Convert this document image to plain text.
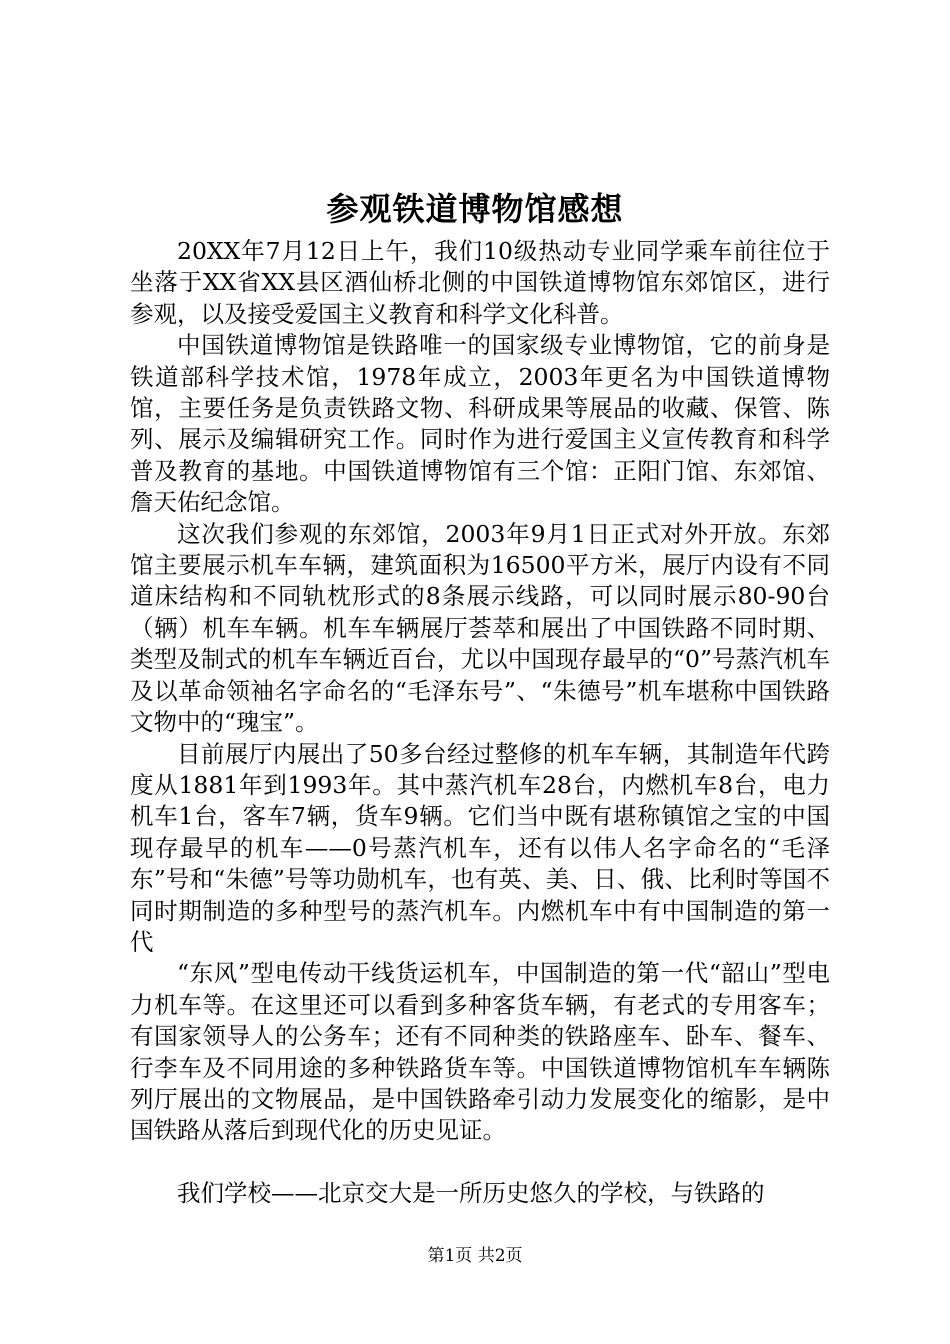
参观铁道博物馆感想

20XX年7月12日上午，我们10级热动专业同学乘车前往位于坐落于XX省XX县区酒仙桥北侧的中国铁道博物馆东郊馆区，进行参观，以及接受爱国主义教育和科学文化科普。

中国铁道博物馆是铁路唯一的国家级专业博物馆，它的前身是铁道部科学技术馆，1978年成立，2003年更名为中国铁道博物馆，主要任务是负责铁路文物、科研成果等展品的收藏、保管、陈列、展示及编辑研究工作。同时作为进行爱国主义宣传教育和科学普及教育的基地。中国铁道博物馆有三个馆：正阳门馆、东郊馆、詹天佑纪念馆。

这次我们参观的东郊馆，2003年9月1日正式对外开放。东郊馆主要展示机车车辆，建筑面积为16500平方米，展厅内设有不同道床结构和不同轨枕形式的8条展示线路，可以同时展示80-90台（辆）机车车辆。机车车辆展厅荟萃和展出了中国铁路不同时期、类型及制式的机车车辆近百台，尤以中国现存最早的“0”号蒸汽机车及以革命领袖名字命名的“毛泽东号”、“朱德号”机车堪称中国铁路文物中的“瑰宝”。

目前展厅内展出了50多台经过整修的机车车辆，其制造年代跨度从1881年到1993年。其中蒸汽机车28台，内燃机车8台，电力机车1台，客车7辆，货车9辆。它们当中既有堪称镇馆之宝的中国现存最早的机车——0号蒸汽机车，还有以伟人名字命名的“毛泽东”号和“朱德”号等功勋机车，也有英、美、日、俄、比利时等国不同时期制造的多种型号的蒸汽机车。内燃机车中有中国制造的第一代

“东风”型电传动干线货运机车，中国制造的第一代“韶山”型电力机车等。在这里还可以看到多种客货车辆，有老式的专用客车；有国家领导人的公务车；还有不同种类的铁路座车、卧车、餐车、行李车及不同用途的多种铁路货车等。中国铁道博物馆机车车辆陈列厅展出的文物展品，是中国铁路牵引动力发展变化的缩影，是中国铁路从落后到现代化的历史见证。

我们学校——北京交大是一所历史悠久的学校，与铁路的

第1页 共2页
